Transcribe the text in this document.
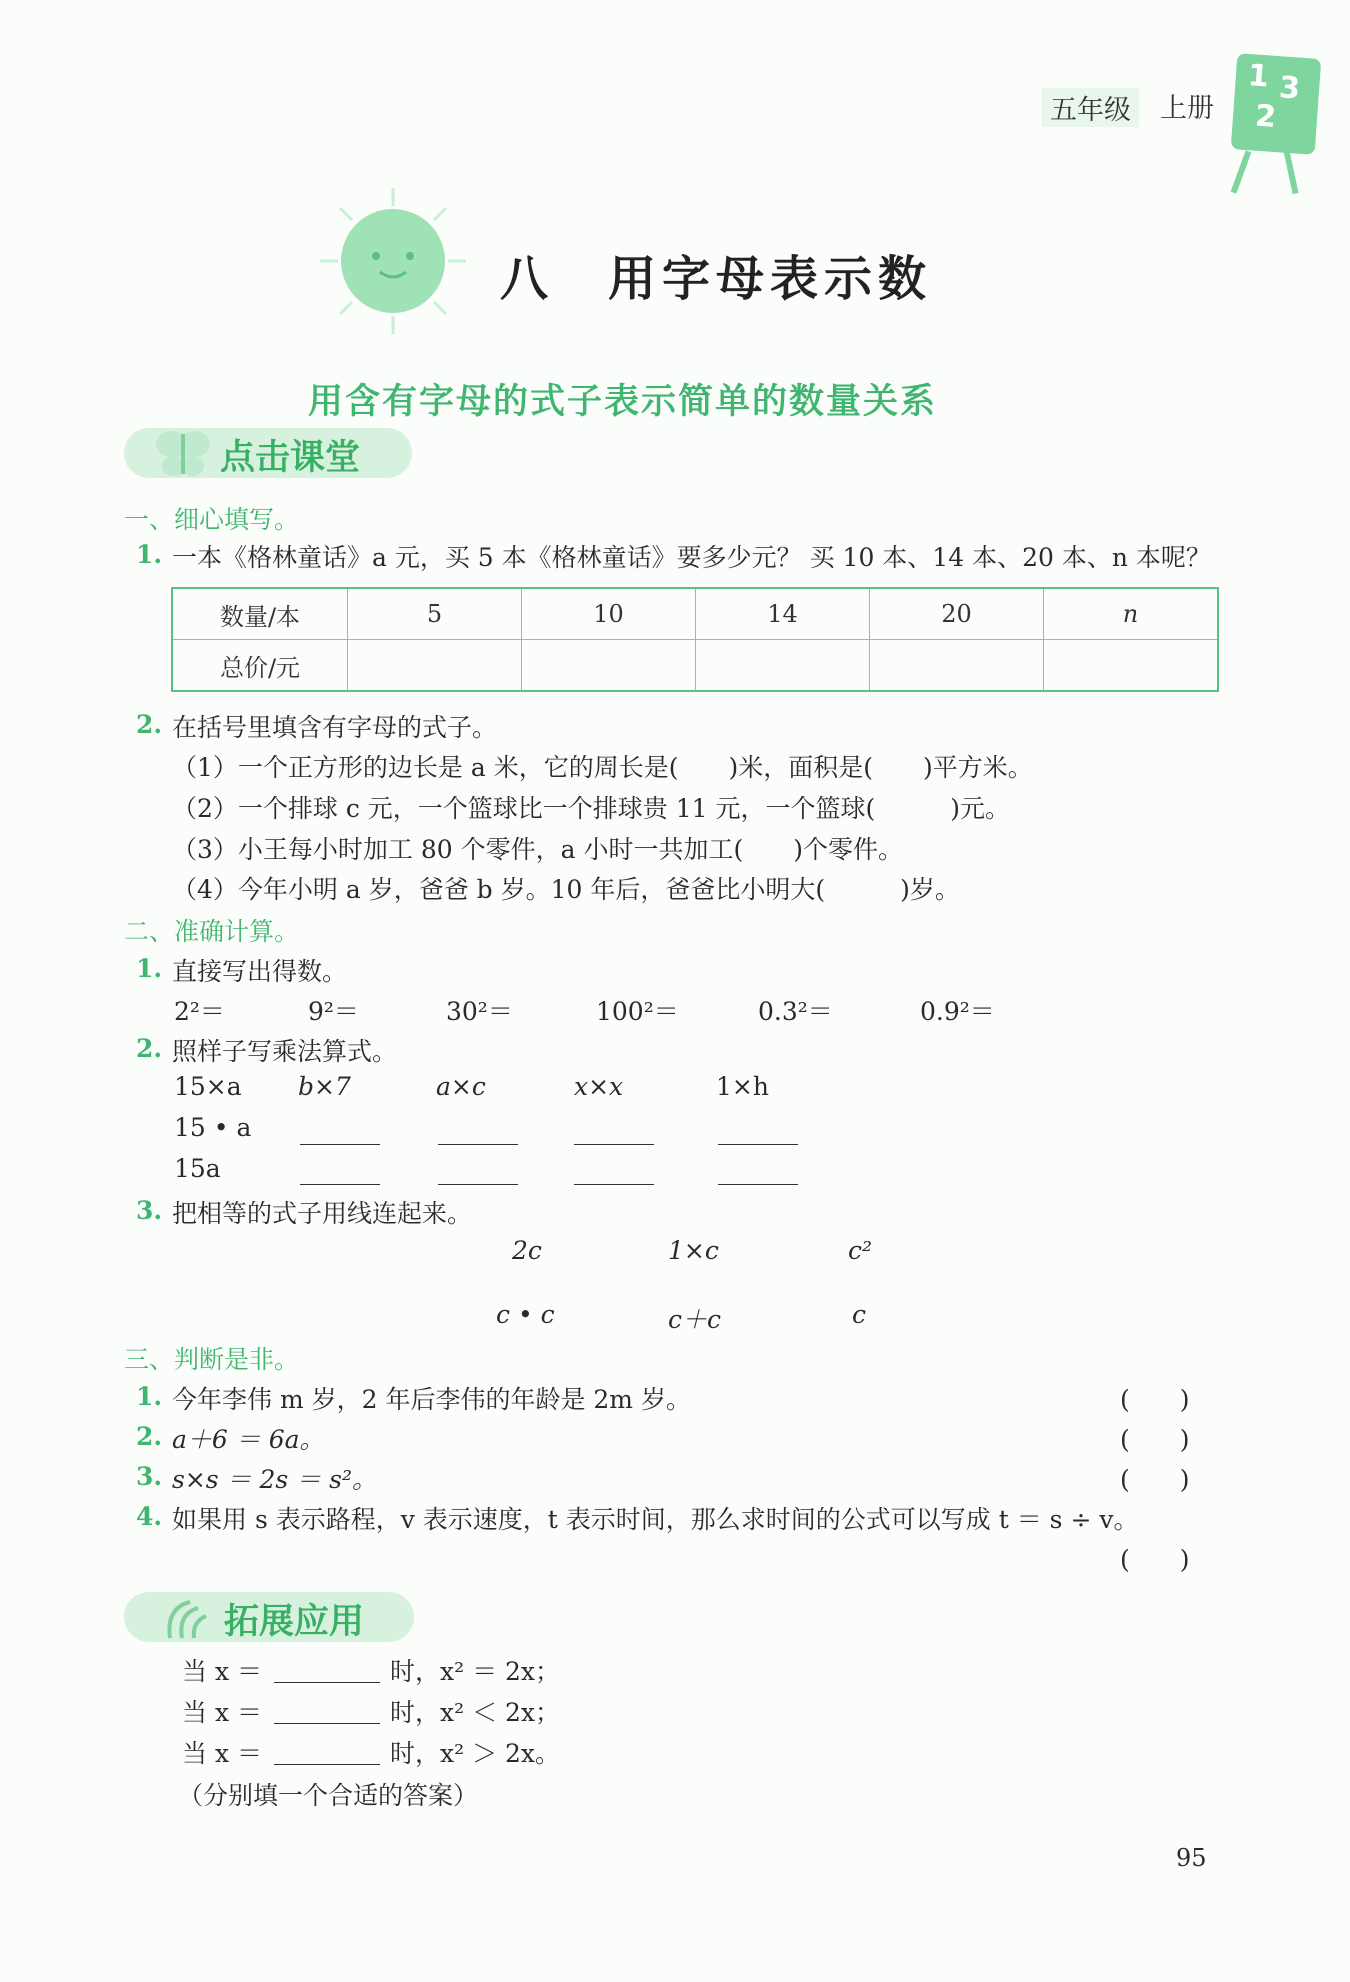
五年级 上册
1 3
2
八　用字母表示数
用含有字母的式子表示简单的数量关系
点击课堂
一、细心填写。
1. 一本《格林童话》a 元，买 5 本《格林童话》要多少元？ 买 10 本、14 本、20 本、n 本呢？
数量/本	5	10	14	20	n
总价/元					
2. 在括号里填含有字母的式子。
（1）一个正方形的边长是 a 米，它的周长是(　　)米，面积是(　　)平方米。
（2）一个排球 c 元，一个篮球比一个排球贵 11 元，一个篮球(　　　)元。
（3）小王每小时加工 80 个零件，a 小时一共加工(　　)个零件。
（4）今年小明 a 岁，爸爸 b 岁。10 年后，爸爸比小明大(　　　)岁。
二、准确计算。
1. 直接写出得数。
2²＝	9²＝	30²＝	100²＝	0.3²＝	0.9²＝
2. 照样子写乘法算式。
15×a b×7	a×c	x×x	1×h
15 • a
15a
3. 把相等的式子用线连起来。
2c	1×c	c²
c • c	c＋c	c
三、判断是非。
1. 今年李伟 m 岁，2 年后李伟的年龄是 2m 岁。	(　　)
2. a＋6 ＝ 6a。	(　　)
3. s×s ＝ 2s ＝ s²。	(　　)
4. 如果用 s 表示路程，v 表示速度，t 表示时间，那么求时间的公式可以写成 t ＝ s ÷ v。
(　　)
拓展应用
当 x ＝	时，x² ＝ 2x；
当 x ＝	时，x² ＜ 2x；
当 x ＝	时，x² ＞ 2x。
（分别填一个合适的答案）
95
